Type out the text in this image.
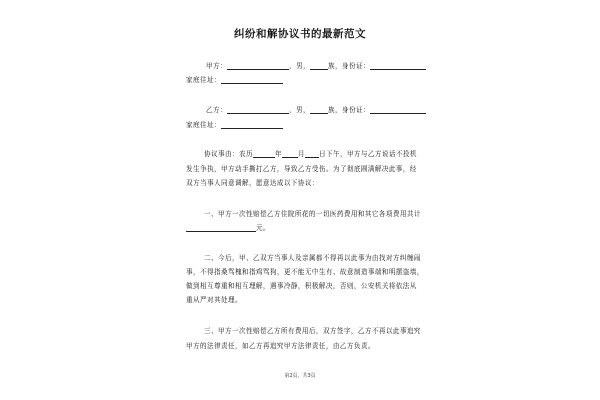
纠纷和解协议书的最新范文
甲方：	，男，	族，身份证：
家庭住址：
乙方：	，男，	族，身份证：
家庭住址：
协议事由：农历	年 月 日下午，甲方与乙方说话不投机
发生争执，甲方动手撕打乙方，导致乙方受伤。为了彻底圆满解决此事，经
双方当事人同意调解，愿意达成以下协议：
一、甲方一次性赔偿乙方住院所花的一切医药费用和其它各项费用共计
元。
二、今后，甲、乙双方当事人及亲属都不得再以此事为由找对方纠缠闹
事，不得指桑骂槐和指鸡骂狗，更不能无中生有、故意制造事端和明摆盗墙，
做到相互尊重和相互理解，遇事冷静，积极解决，否则，公安机关将依法从
重从严对其处理。
三、甲方一次性赔偿乙方所有费用后，双方签字，乙方不再以此事追究
甲方的法律责任，如乙方再追究甲方法律责任，由乙方负责。
第2页，共3页
